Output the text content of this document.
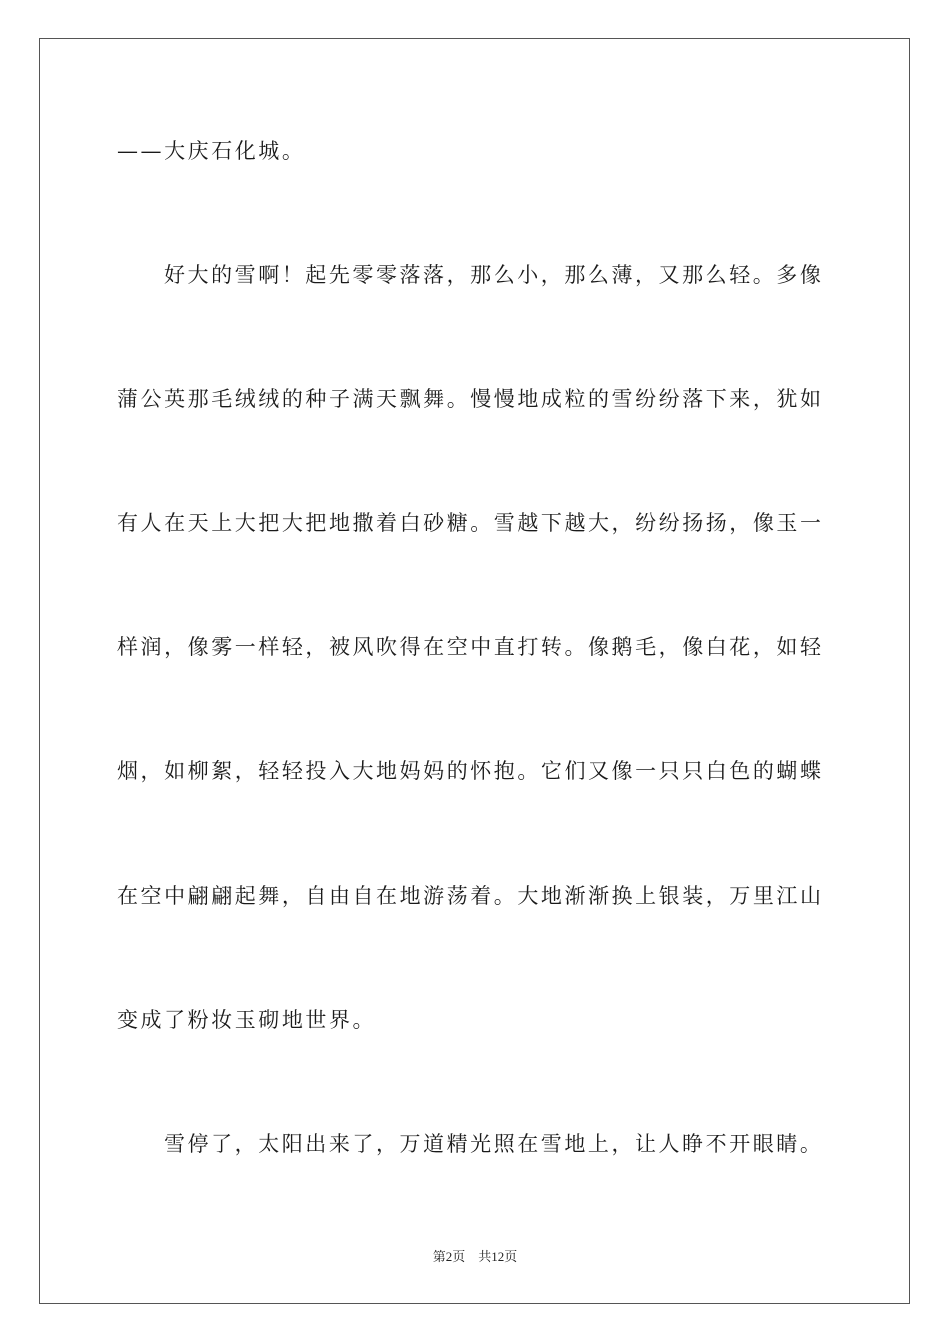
——大庆石化城。
好大的雪啊！起先零零落落，那么小，那么薄，又那么轻。多像
蒲公英那毛绒绒的种子满天飘舞。慢慢地成粒的雪纷纷落下来，犹如
有人在天上大把大把地撒着白砂糖。雪越下越大，纷纷扬扬，像玉一
样润，像雾一样轻，被风吹得在空中直打转。像鹅毛，像白花，如轻
烟，如柳絮，轻轻投入大地妈妈的怀抱。它们又像一只只白色的蝴蝶
在空中翩翩起舞，自由自在地游荡着。大地渐渐换上银装，万里江山
变成了粉妆玉砌地世界。
雪停了，太阳出来了，万道精光照在雪地上，让人睁不开眼睛。
第2页 共12页
